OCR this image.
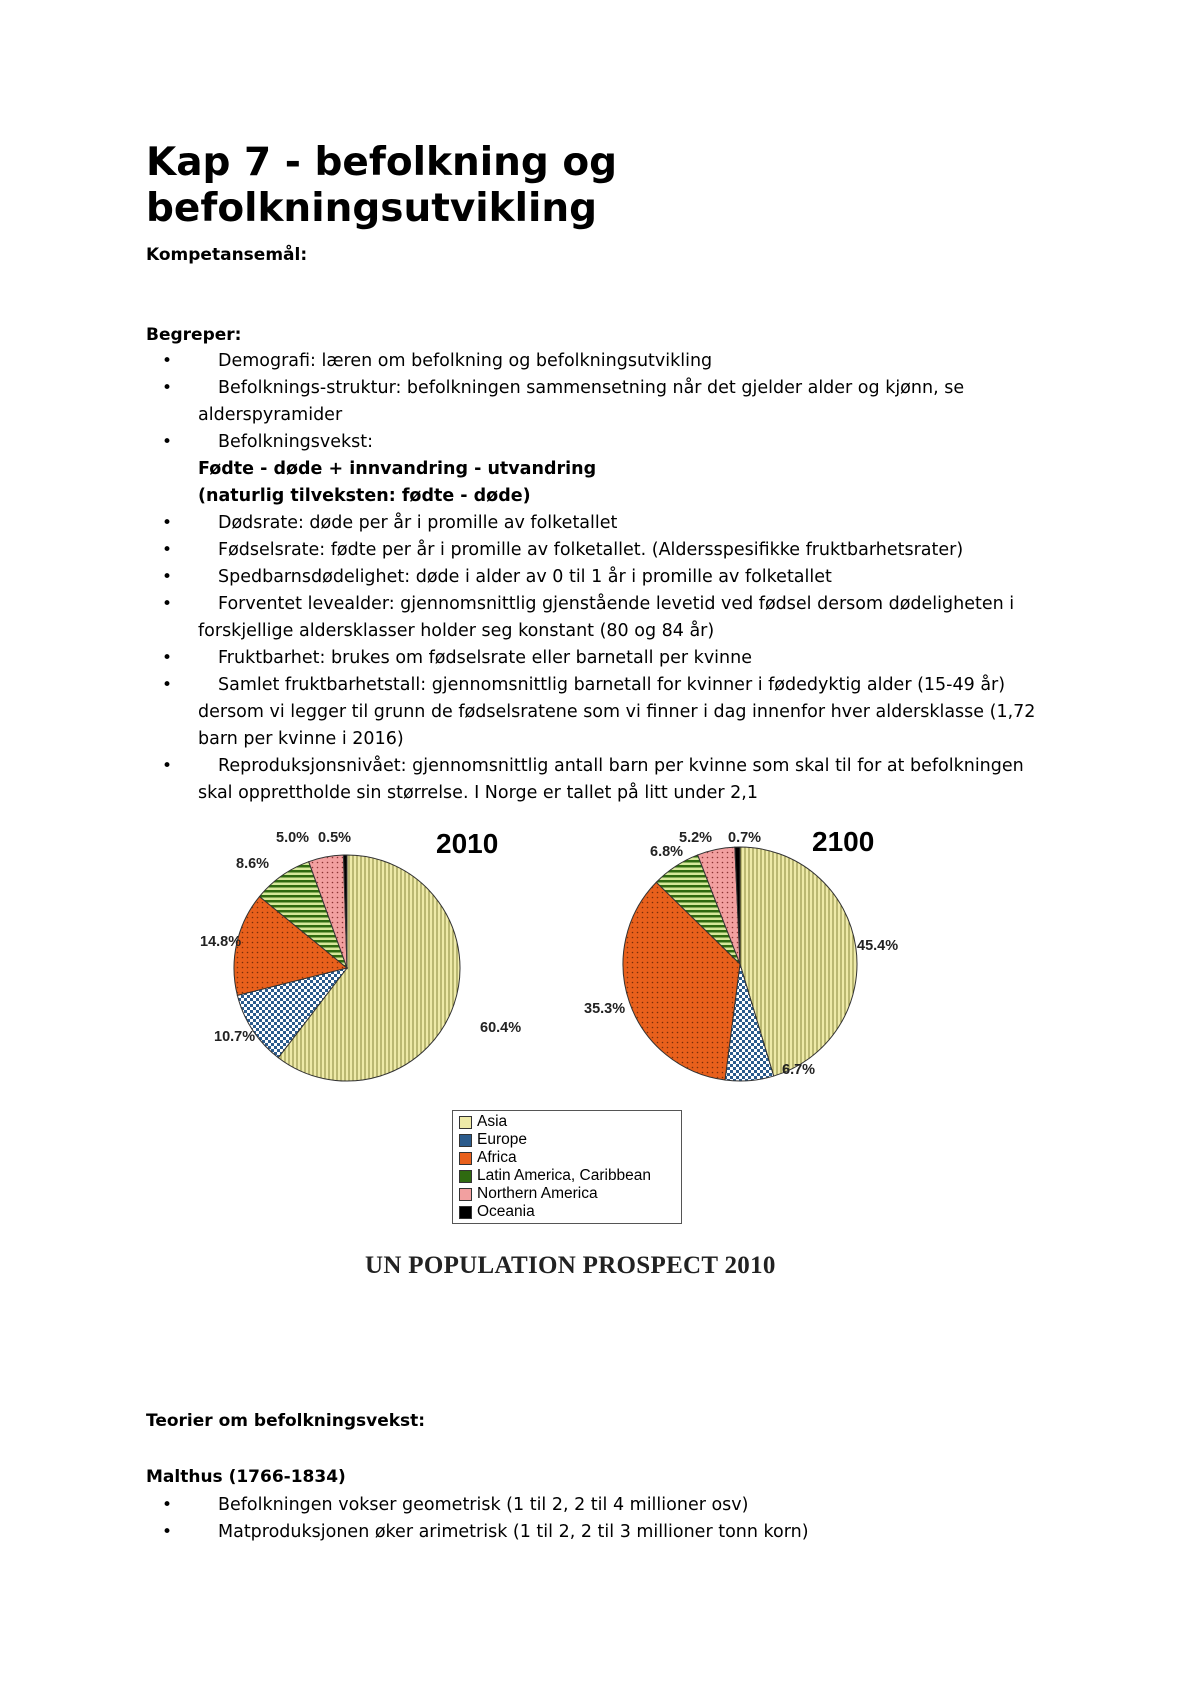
Kap 7 - befolkning og befolkningsutvikling
Kompetansemål:
Begreper:
•	Demografi: læren om befolkning og befolkningsutvikling
•	Befolknings-struktur: befolkningen sammensetning når det gjelder alder og kjønn, se
alderspyramider
•	Befolkningsvekst:
Fødte - døde + innvandring - utvandring
(naturlig tilveksten: fødte - døde)
•	Dødsrate: døde per år i promille av folketallet
•	Fødselsrate: fødte per år i promille av folketallet. (Aldersspesifikke fruktbarhetsrater)
•	Spedbarnsdødelighet: døde i alder av 0 til 1 år i promille av folketallet
•	Forventet levealder: gjennomsnittlig gjenstående levetid ved fødsel dersom dødeligheten i
forskjellige aldersklasser holder seg konstant (80 og 84 år)
•	Fruktbarhet: brukes om fødselsrate eller barnetall per kvinne
•	Samlet fruktbarhetstall: gjennomsnittlig barnetall for kvinner i fødedyktig alder (15-49 år)
dersom vi legger til grunn de fødselsratene som vi finner i dag innenfor hver aldersklasse (1,72
barn per kvinne i 2016)
•	Reproduksjonsnivået: gjennomsnittlig antall barn per kvinne som skal til for at befolkningen
skal opprettholde sin størrelse. I Norge er tallet på litt under 2,1
60.4%
10.7%
14.8%
8.6%
5.0% 0.5%
45.4%
6.7%
35.3%
6.8%
5.2% 0.7%
2010	2100
Asia
Europe
Africa
Latin America, Caribbean
Northern America
Oceania
UN POPULATION PROSPECT 2010
Teorier om befolkningsvekst:
Malthus (1766-1834)
•	Befolkningen vokser geometrisk (1 til 2, 2 til 4 millioner osv)
•	Matproduksjonen øker arimetrisk (1 til 2, 2 til 3 millioner tonn korn)
